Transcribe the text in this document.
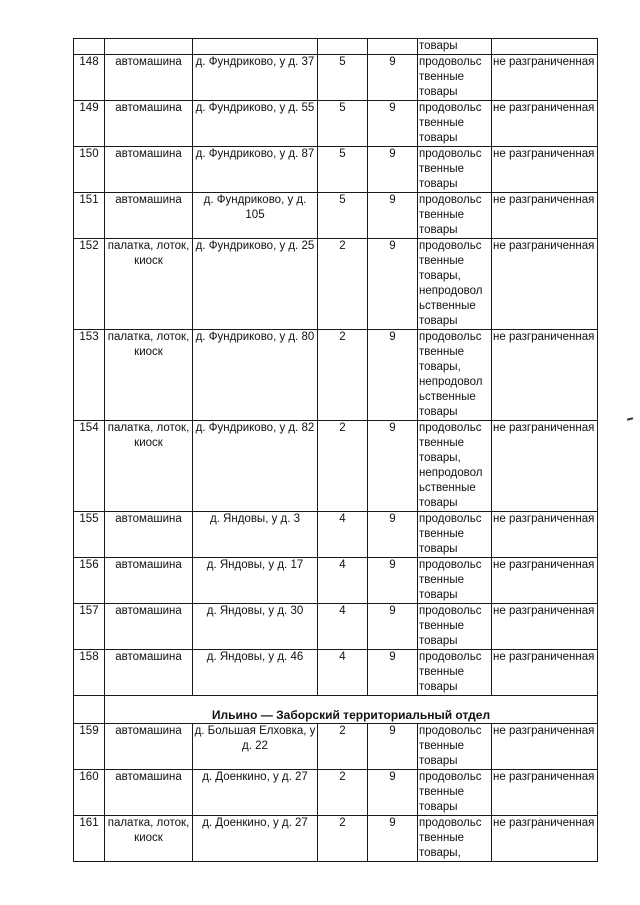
					товары	
148	автомашина	д. Фундриково, у д. 37	5	9	продовольс твенные товары	не разграниченная
149	автомашина	д. Фундриково, у д. 55	5	9	продовольс твенные товары	не разграниченная
150	автомашина	д. Фундриково, у д. 87	5	9	продовольс твенные товары	не разграниченная
151	автомашина	д. Фундриково, у д. 105	5	9	продовольс твенные товары	не разграниченная
152	палатка, лоток, киоск	д. Фундриково, у д. 25	2	9	продовольс твенные товары, непродовол ьственные товары	не разграниченная
153	палатка, лоток, киоск	д. Фундриково, у д. 80	2	9	продовольс твенные товары, непродовол ьственные товары	не разграниченная
154	палатка, лоток, киоск	д. Фундриково, у д. 82	2	9	продовольс твенные товары, непродовол ьственные товары	не разграниченная
155	автомашина	д. Яндовы, у д. 3	4	9	продовольс твенные товары	не разграниченная
156	автомашина	д. Яндовы, у д. 17	4	9	продовольс твенные товары	не разграниченная
157	автомашина	д. Яндовы, у д. 30	4	9	продовольс твенные товары	не разграниченная
158	автомашина	д. Яндовы, у д. 46	4	9	продовольс твенные товары	не разграниченная
	Ильино — Заборский территориальный отдел					
159	автомашина	д. Большая Елховка, у д. 22	2	9	продовольс твенные товары	не разграниченная
160	автомашина	д. Доенкино, у д. 27	2	9	продовольс твенные товары	не разграниченная
161	палатка, лоток, киоск	д. Доенкино, у д. 27	2	9	продовольс твенные товары,	не разграниченная
